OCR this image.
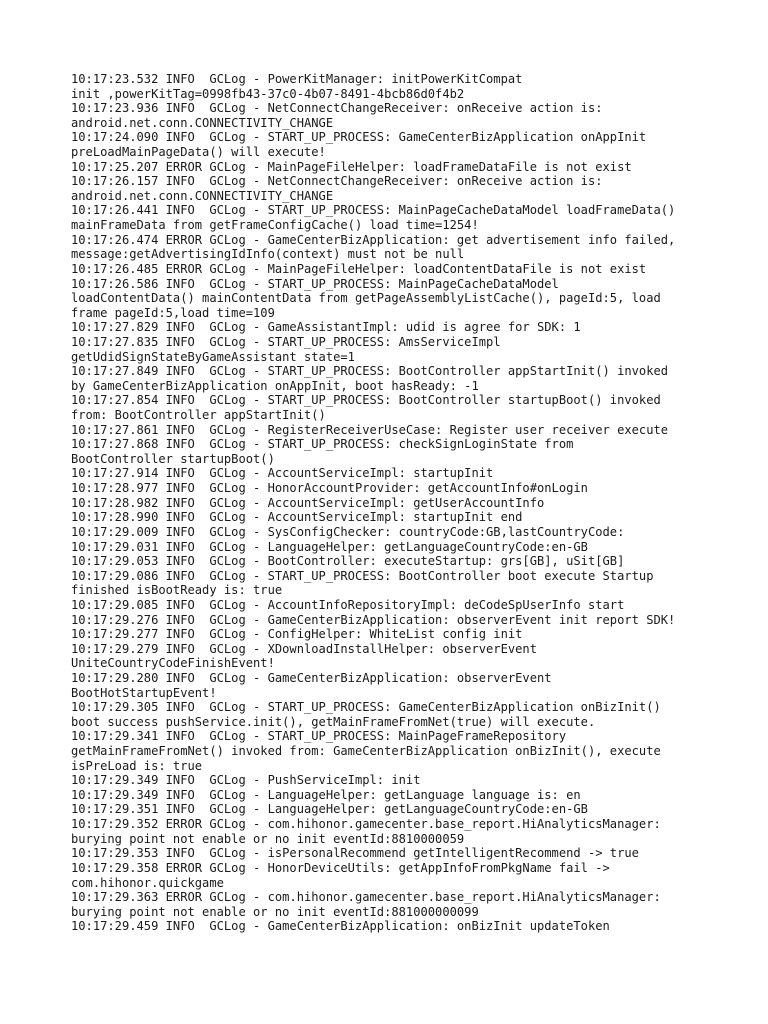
10:17:23.532 INFO  GCLog - PowerKitManager: initPowerKitCompat
init ,powerKitTag=0998fb43-37c0-4b07-8491-4bcb86d0f4b2
10:17:23.936 INFO  GCLog - NetConnectChangeReceiver: onReceive action is:
android.net.conn.CONNECTIVITY_CHANGE
10:17:24.090 INFO  GCLog - START_UP_PROCESS: GameCenterBizApplication onAppInit
preLoadMainPageData() will execute!
10:17:25.207 ERROR GCLog - MainPageFileHelper: loadFrameDataFile is not exist
10:17:26.157 INFO  GCLog - NetConnectChangeReceiver: onReceive action is:
android.net.conn.CONNECTIVITY_CHANGE
10:17:26.441 INFO  GCLog - START_UP_PROCESS: MainPageCacheDataModel loadFrameData()
mainFrameData from getFrameConfigCache() load time=1254!
10:17:26.474 ERROR GCLog - GameCenterBizApplication: get advertisement info failed,
message:getAdvertisingIdInfo(context) must not be null
10:17:26.485 ERROR GCLog - MainPageFileHelper: loadContentDataFile is not exist
10:17:26.586 INFO  GCLog - START_UP_PROCESS: MainPageCacheDataModel
loadContentData() mainContentData from getPageAssemblyListCache(), pageId:5, load
frame pageId:5,load time=109
10:17:27.829 INFO  GCLog - GameAssistantImpl: udid is agree for SDK: 1
10:17:27.835 INFO  GCLog - START_UP_PROCESS: AmsServiceImpl
getUdidSignStateByGameAssistant state=1
10:17:27.849 INFO  GCLog - START_UP_PROCESS: BootController appStartInit() invoked
by GameCenterBizApplication onAppInit, boot hasReady: -1
10:17:27.854 INFO  GCLog - START_UP_PROCESS: BootController startupBoot() invoked
from: BootController appStartInit()
10:17:27.861 INFO  GCLog - RegisterReceiverUseCase: Register user receiver execute
10:17:27.868 INFO  GCLog - START_UP_PROCESS: checkSignLoginState from
BootController startupBoot()
10:17:27.914 INFO  GCLog - AccountServiceImpl: startupInit
10:17:28.977 INFO  GCLog - HonorAccountProvider: getAccountInfo#onLogin
10:17:28.982 INFO  GCLog - AccountServiceImpl: getUserAccountInfo
10:17:28.990 INFO  GCLog - AccountServiceImpl: startupInit end
10:17:29.009 INFO  GCLog - SysConfigChecker: countryCode:GB,lastCountryCode:
10:17:29.031 INFO  GCLog - LanguageHelper: getLanguageCountryCode:en-GB
10:17:29.053 INFO  GCLog - BootController: executeStartup: grs[GB], uSit[GB]
10:17:29.086 INFO  GCLog - START_UP_PROCESS: BootController boot execute Startup
finished isBootReady is: true
10:17:29.085 INFO  GCLog - AccountInfoRepositoryImpl: deCodeSpUserInfo start
10:17:29.276 INFO  GCLog - GameCenterBizApplication: observerEvent init report SDK!
10:17:29.277 INFO  GCLog - ConfigHelper: WhiteList config init
10:17:29.279 INFO  GCLog - XDownloadInstallHelper: observerEvent
UniteCountryCodeFinishEvent!
10:17:29.280 INFO  GCLog - GameCenterBizApplication: observerEvent
BootHotStartupEvent!
10:17:29.305 INFO  GCLog - START_UP_PROCESS: GameCenterBizApplication onBizInit()
boot success pushService.init(), getMainFrameFromNet(true) will execute.
10:17:29.341 INFO  GCLog - START_UP_PROCESS: MainPageFrameRepository
getMainFrameFromNet() invoked from: GameCenterBizApplication onBizInit(), execute
isPreLoad is: true
10:17:29.349 INFO  GCLog - PushServiceImpl: init
10:17:29.349 INFO  GCLog - LanguageHelper: getLanguage language is: en
10:17:29.351 INFO  GCLog - LanguageHelper: getLanguageCountryCode:en-GB
10:17:29.352 ERROR GCLog - com.hihonor.gamecenter.base_report.HiAnalyticsManager:
burying point not enable or no init eventId:8810000059
10:17:29.353 INFO  GCLog - isPersonalRecommend getIntelligentRecommend -> true
10:17:29.358 ERROR GCLog - HonorDeviceUtils: getAppInfoFromPkgName fail ->
com.hihonor.quickgame
10:17:29.363 ERROR GCLog - com.hihonor.gamecenter.base_report.HiAnalyticsManager:
burying point not enable or no init eventId:881000000099
10:17:29.459 INFO  GCLog - GameCenterBizApplication: onBizInit updateToken
